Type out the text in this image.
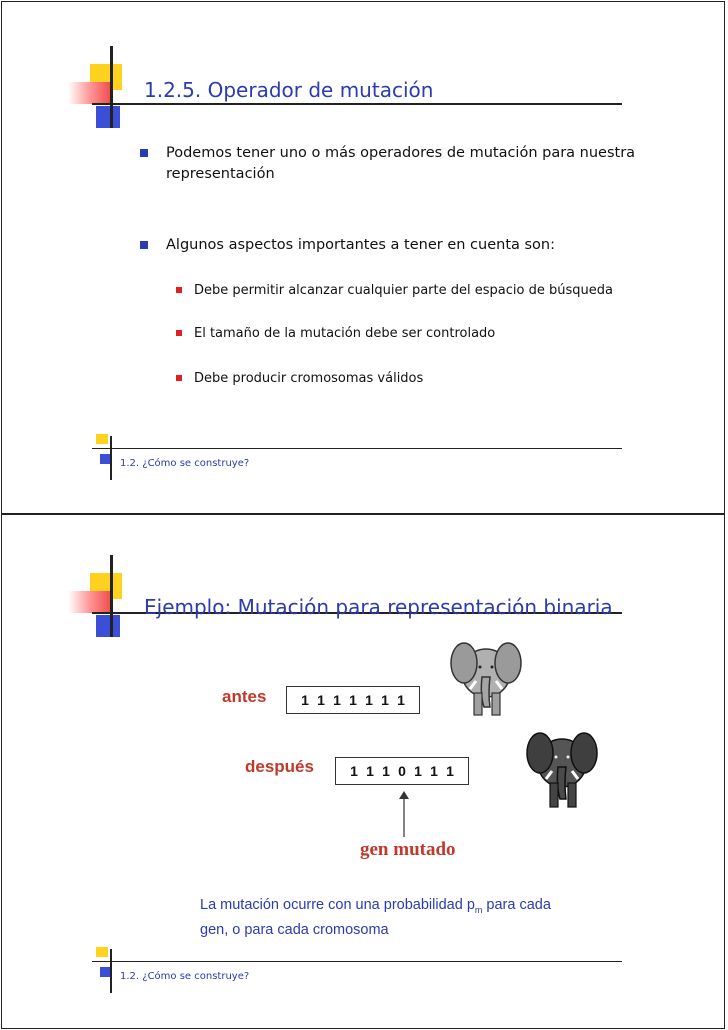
1.2.5. Operador de mutación
Podemos tener uno o más operadores de mutación para nuestra
representación
Algunos aspectos importantes a tener en cuenta son:
Debe permitir alcanzar cualquier parte del espacio de búsqueda
El tamaño de la mutación debe ser controlado
Debe producir cromosomas válidos
1.2. ¿Cómo se construye?
Ejemplo: Mutación para representación binaria
antes 1 1 1 1 1 1 1
después	1 1 1 0 1 1 1
gen mutado
La mutación ocurre con una probabilidad $p_m$ para cada
gen, o para cada cromosoma
1.2. ¿Cómo se construye?
